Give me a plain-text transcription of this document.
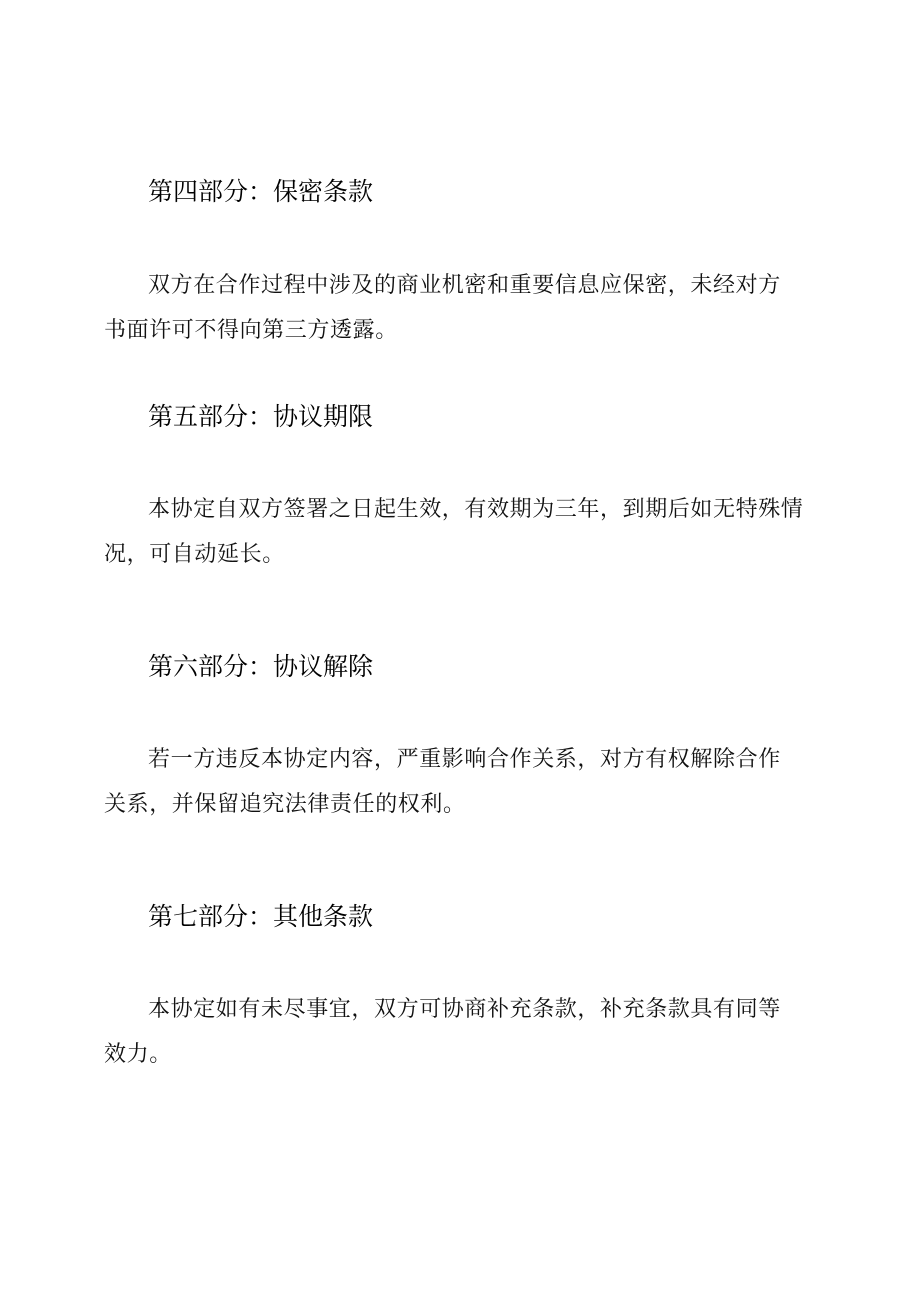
第四部分：保密条款

双方在合作过程中涉及的商业机密和重要信息应保密，未经对方
书面许可不得向第三方透露。

第五部分：协议期限

本协定自双方签署之日起生效，有效期为三年，到期后如无特殊情
况，可自动延长。

第六部分：协议解除

若一方违反本协定内容，严重影响合作关系，对方有权解除合作
关系，并保留追究法律责任的权利。

第七部分：其他条款

本协定如有未尽事宜，双方可协商补充条款，补充条款具有同等
效力。
